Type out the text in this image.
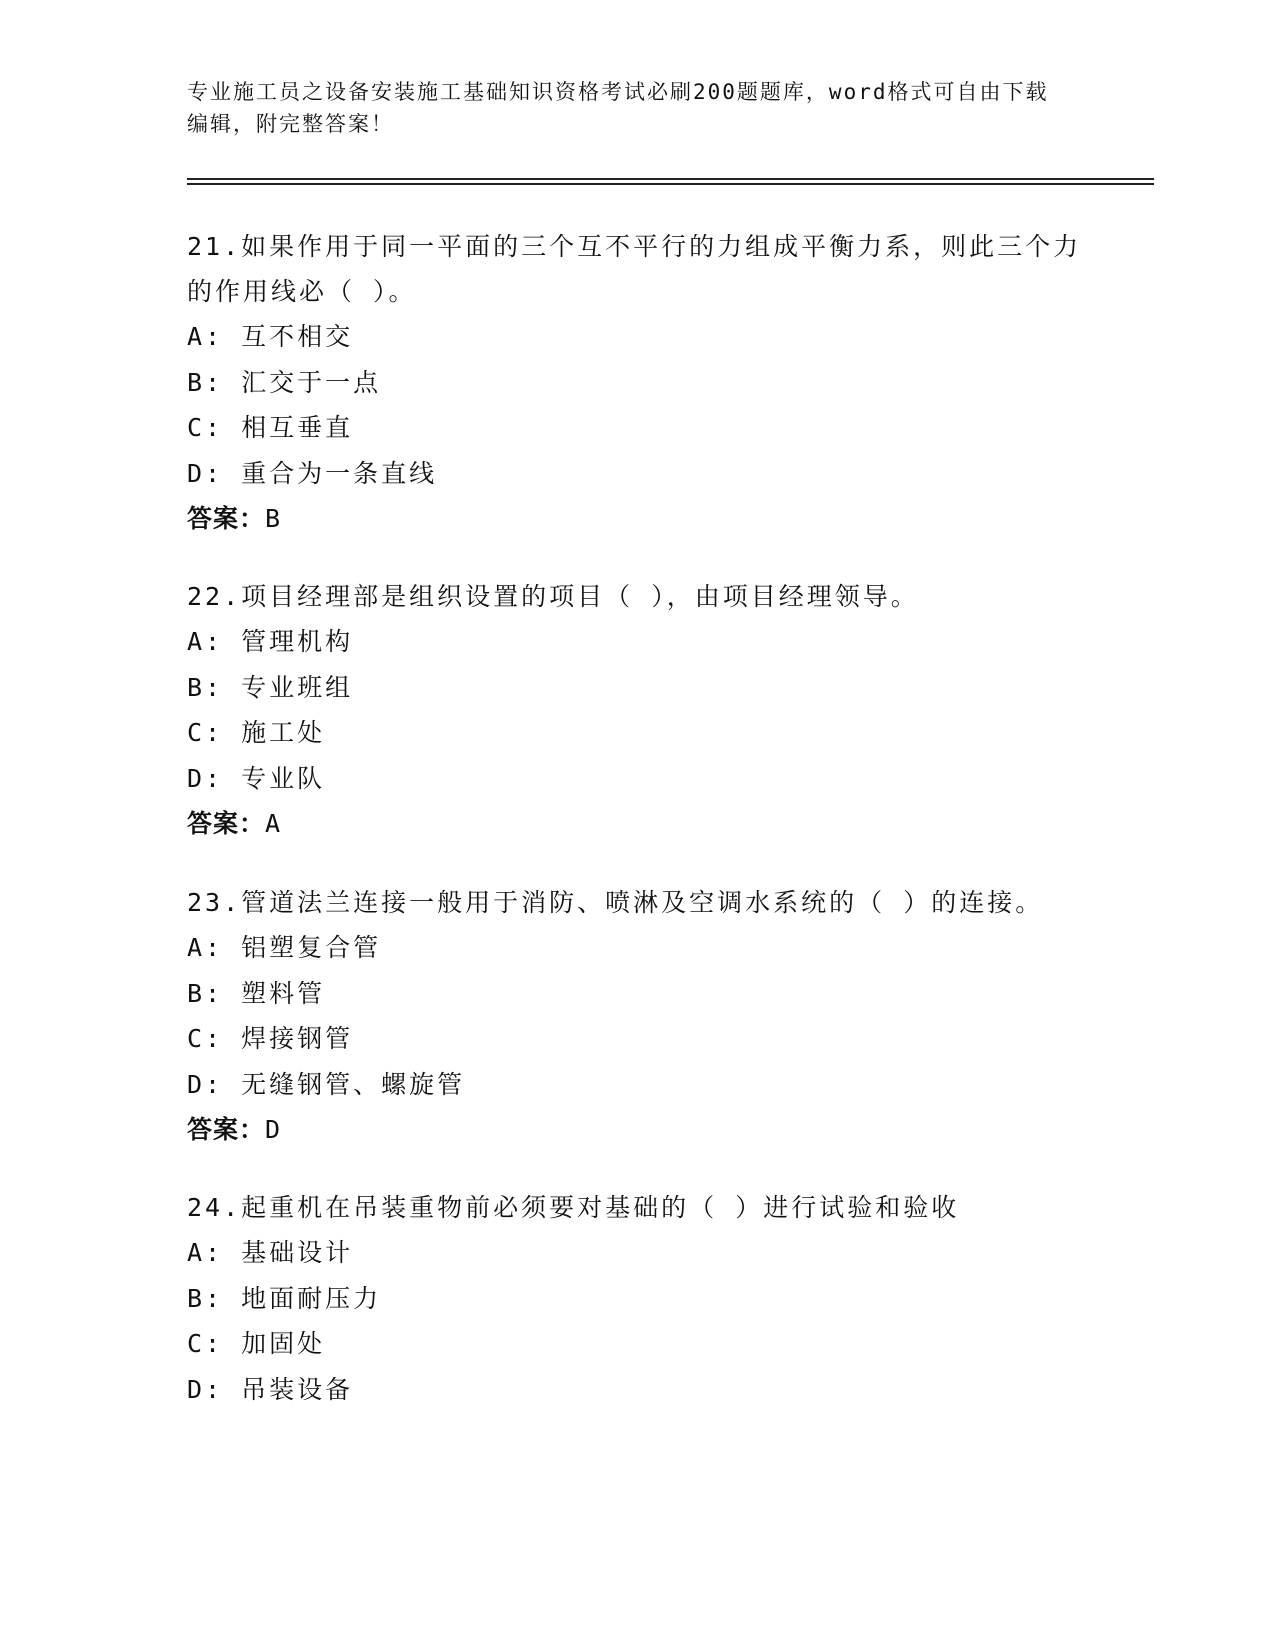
专业施工员之设备安装施工基础知识资格考试必刷200题题库，word格式可自由下载编辑，附完整答案！
21.如果作用于同一平面的三个互不平行的力组成平衡力系，则此三个力的作用线必（ ）。
A: 互不相交
B: 汇交于一点
C: 相互垂直
D: 重合为一条直线
答案：B
22.项目经理部是组织设置的项目（ ），由项目经理领导。
A: 管理机构
B: 专业班组
C: 施工处
D: 专业队
答案：A
23.管道法兰连接一般用于消防、喷淋及空调水系统的（ ）的连接。
A: 铝塑复合管
B: 塑料管
C: 焊接钢管
D: 无缝钢管、螺旋管
答案：D
24.起重机在吊装重物前必须要对基础的（ ）进行试验和验收
A: 基础设计
B: 地面耐压力
C: 加固处
D: 吊装设备
